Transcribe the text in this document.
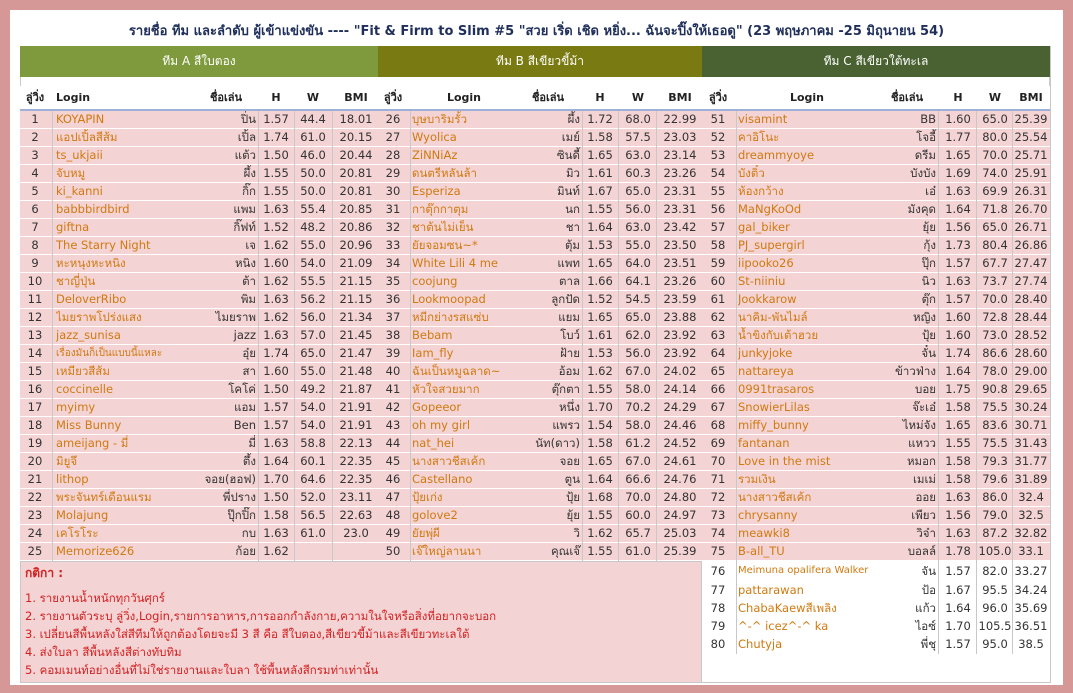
รายชื่อ ทีม และลำดับ ผู้เข้าแข่งขัน ---- "Fit & Firm to Slim #5 "สวย เริ่ด เชิด หยิ่ง... ฉันจะปิ๊งให้เธอดู" (23 พฤษภาคม -25 มิถุนายน 54)
ทีม A สีใบตอง	ทีม B สีเขียวขี้ม้า	ทีม C สีเขียวใต้ทะเล
ลู่วิ่ง	Login	ชื่อเล่น	H	W	BMI
1	KOYAPIN	ปิ่น 1.57 44.4	18.01
2	แอปเปิ้ลสีส้ม	เปิ้ล 1.74 61.0	20.15
3	ts_ukjaii	แต้ว 1.50 46.0	20.44
4	จับหมู	ผึ้ง 1.55 50.0	20.81
5	ki_kanni	กิ๊ก 1.55 50.0	20.81
6	babbbirdbird	แพม 1.63 55.4	20.85
7	giftna	กิ๊ฟท์ 1.52 48.2	20.86
8	The Starry Night	เจ 1.62 55.0	20.96
9	หะหนุงหะหนิง	หนิง 1.60 54.0	21.09
10	ชาญี่ปุ่น	ต้า 1.62 55.5	21.15
11	DeloverRibo	พิม 1.63 56.2	21.15
12	ไมยราพโปร่งแสง	ไมยราพ 1.62 56.0	21.34
13	jazz_sunisa	jazz 1.63 57.0	21.45
14	เรื่องมันก็เป็นแบบนี้แหละ	อุ๋ย 1.74 65.0	21.47
15	เหมียวสีส้ม	สา 1.60 55.0	21.48
16	coccinelle	โคโค่ 1.50 49.2	21.87
17	myimy	แอม 1.57 54.0	21.91
18	Miss Bunny	Ben 1.57 54.0	21.91
19	ameijang - มี่	มี่ 1.63 58.8	22.13
20	มิยูจึ	ตึ้ง 1.64 60.1	22.35
21	lithop	จอย(ฮอฟ) 1.70 64.6	22.35
22	พระจันทร์เดือนแรม	พี่ปราง 1.50 52.0	23.11
23	Molajung	ปุ๊กปิ๊ก 1.58 56.5	22.63
24	เคโรโระ	กบ 1.63 61.0	23.0
25	Memorize626	ก้อย 1.62
ลู่วิ่ง	Login	ชื่อเล่น	H	W	BMI
26	บุษบาริมรั้ว	ผึ้ง 1.72	68.0	22.99
27	Wyolica	เมย์ 1.58	57.5	23.03
28	ZiNNiAz	ซินดี้ 1.65	63.0	23.14
29	ดนตรีหลันล้า	มิว 1.61	60.3	23.26
30	Esperiza	มินท์ 1.67	65.0	23.31
31	กาตุ๊กกาตุม	นก 1.55	56.0	23.31
32	ชาต้นไม่เย็น	ชา 1.64	63.0	23.42
33	ยัยจอมซน~*	ตุ้ม 1.53	55.0	23.50
34	White Lili 4 me	แพท 1.65	64.0	23.51
35	coojung	ตาล 1.66	64.1	23.26
36	Lookmoopad	ลูกปัด 1.52	54.5	23.59
37	หมีกย่างรสแซ่บ	แยม 1.65	65.0	23.88
38	Bebam	โบว์ 1.61	62.0	23.92
39	Iam_fly	ฝ้าย 1.53	56.0	23.92
40	ฉันเป็นหมูฉลาด~	อ้อม 1.62	67.0	24.02
41	หัวใจสวยมาก	ตุ๊กตา 1.55	58.0	24.14
42	Gopeeor	หนึ่ง 1.70	70.2	24.29
43	oh my girl	แพรว 1.54	58.0	24.46
44	nat_hei	นัท(ดาว) 1.58	61.2	24.52
45	นางสาวชีสเค้ก	จอย 1.65	67.0	24.61
46	Castellano	ตูน 1.64	66.6	24.76
47	ปุ้ยเก่ง	ปุ้ย 1.68	70.0	24.80
48	golove2	ยุ้ย 1.55	60.0	24.97
49	ยัยพุ่ผี	วิ 1.62	65.7	25.03
50	เจ๊ใหญ่ลานนา	คุณเจ๊ 1.55	61.0	25.39
ลู่วิ่ง	Login	ชื่อเล่น	H	W	BMI
51	visamint	BB 1.60 65.0 25.39
52	คาอิโนะ	โจอี้ 1.77 80.0 25.54
53	dreammyoye	ดรีม 1.65 70.0 25.71
54	บังติ๋ว	บังบัง 1.69 74.0 25.91
55	ห้องกว้าง	เอ๋ 1.63 69.9 26.31
56	MaNgKoOd	มังคุด 1.64 71.8 26.70
57	gal_biker	ยุ้ย 1.56 65.0 26.71
58	PJ_supergirl	กุ้ง 1.73 80.4 26.86
59	iipooko26	ปุ๊ก 1.57 67.7 27.47
60	St-niiniu	นิว 1.63 73.7 27.74
61	Jookkarow	ตุ๊ก 1.57 70.0 28.40
62	นาคิม-พันไมล์	หญิง 1.60 72.8 28.44
63	น้ำขิงกับเต้าฮวย	ปุ้ย 1.60 73.0 28.52
64	junkyjoke	จั๋น 1.74 86.6 28.60
65	nattareya	ข้าวฟ่าง 1.64 78.0 29.00
66	0991trasaros	บอย 1.75 90.8 29.65
67	SnowierLilas	จ๊ะเอ๋ 1.58 75.5 30.24
68	miffy_bunny	ไหม่จัง 1.65 83.6 30.71
69	fantanan	แหวว 1.55 75.5 31.43
70	Love in the mist	หมอก 1.58 79.3 31.77
71	รวมเงิน	เมเม่ 1.58 79.6 31.89
72	นางสาวชีสเค้ก	ออย 1.63 86.0 32.4
73	chrysanny	เพียว 1.56 79.0 32.5
74	meawki8	วิจ๋า 1.63 87.2 32.82
75	B-all_TU	บอลล์ 1.78 105.0 33.1
76	Meimuna opalifera Walker	จัน 1.57 82.0 33.27
77	pattarawan	ป้อ 1.67 95.5 34.24
78	ChabaKaewสีเพลิง	แก้ว 1.64 96.0 35.69
79	^-^ icez^-^ ka	ไอซ์ 1.70 105.5 36.51
80	Chutyja	พี่ชุ 1.57 95.0 38.5
กติกา :
1. รายงานน้ำหนักทุกวันศุกร์
2. รายงานตัวระบุ ลู่วิ่ง,Login,รายการอาหาร,การออกกำลังกาย,ความในใจหรือสิ่งที่อยากจะบอก
3. เปลี่ยนสีพื้นหลังใส่สีทีมให้ถูกต้องโดยจะมี 3 สี คือ สีใบตอง,สีเขียวขี้ม้าและสีเขียวทะเลใต้
4. ส่งใบลา สีพื้นหลังสีต่างทับทิม
5. คอมเมนท์อย่างอื่นที่ไม่ใช่รายงานและใบลา ใช้พื้นหลังสีกรมท่าเท่านั้น
